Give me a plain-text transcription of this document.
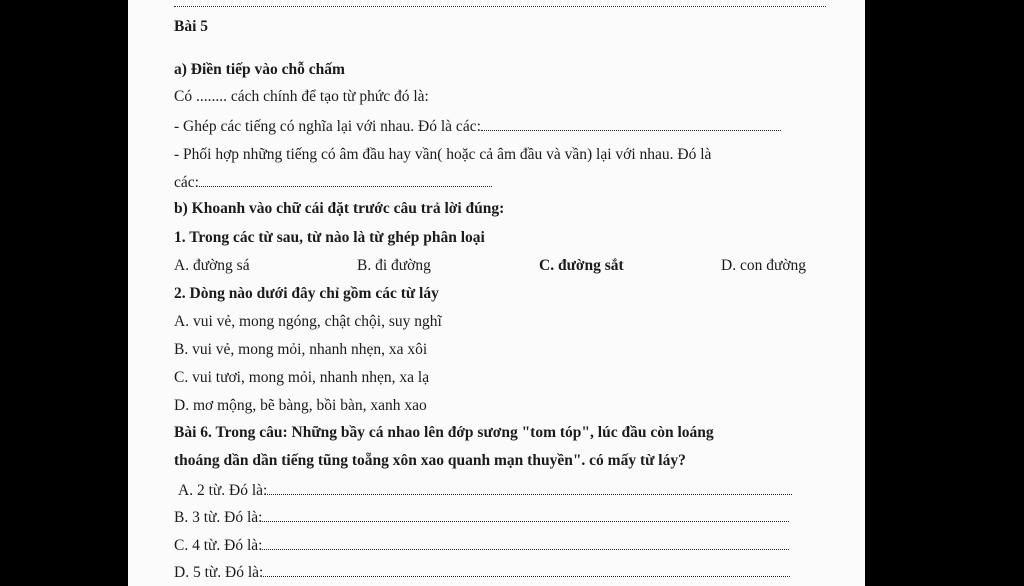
Bài 5
a) Điền tiếp vào chỗ chấm
Có ........ cách chính để tạo từ phức đó là:
- Ghép các tiếng có nghĩa lại với nhau. Đó là các:
- Phối hợp những tiếng có âm đầu hay vần( hoặc cả âm đầu và vần) lại với nhau. Đó là
các:
b) Khoanh vào chữ cái đặt trước câu trả lời đúng:
1. Trong các từ sau, từ nào là từ ghép phân loại
A. đường sá	B. đi đường	C. đường sắt	D. con đường
2. Dòng nào dưới đây chỉ gồm các từ láy
A. vui vẻ, mong ngóng, chật chội, suy nghĩ
B. vui vẻ, mong mỏi, nhanh nhẹn, xa xôi
C. vui tươi, mong mỏi, nhanh nhẹn, xa lạ
D. mơ mộng, bẽ bàng, bồi bàn, xanh xao
Bài 6. Trong câu: Những bầy cá nhao lên đớp sương "tom tóp", lúc đầu còn loáng
thoáng dần dần tiếng tũng toẵng xôn xao quanh mạn thuyền". có mấy từ láy?
A. 2 từ. Đó là:
B. 3 từ. Đó là:
C. 4 từ. Đó là:
D. 5 từ. Đó là:
